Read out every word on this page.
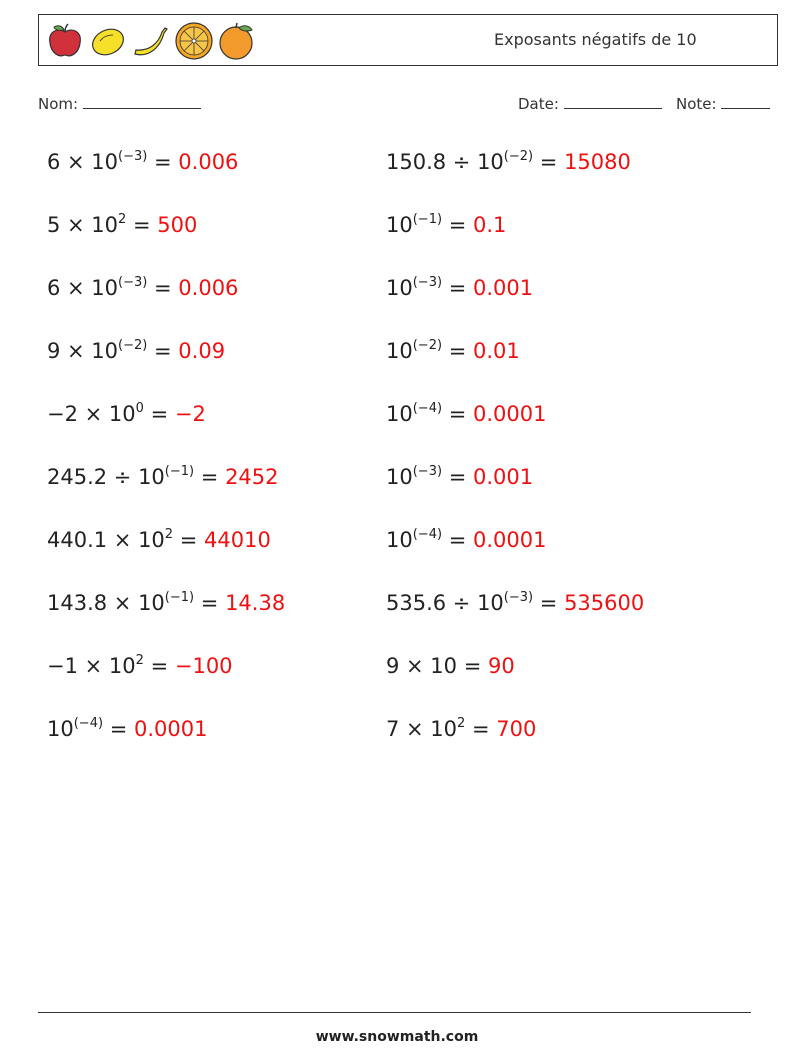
Exposants négatifs de 10
Nom:	Date:	Note:
$6 \times 10^{(-3)} = 0.006$
$5 \times 10^2 = 500$
$6 \times 10^{(-3)} = 0.006$
$9 \times 10^{(-2)} = 0.09$
$-2 \times 10^0 = -2$
$245.2 \div 10^{(-1)} = 2452$
$440.1 \times 10^2 = 44010$
$143.8 \times 10^{(-1)} = 14.38$
$-1 \times 10^2 = -100$
$10^{(-4)} = 0.0001$
$150.8 \div 10^{(-2)} = 15080$
$10^{(-1)} = 0.1$
$10^{(-3)} = 0.001$
$10^{(-2)} = 0.01$
$10^{(-4)} = 0.0001$
$10^{(-3)} = 0.001$
$10^{(-4)} = 0.0001$
$535.6 \div 10^{(-3)} = 535600$
9 × 10 = 90
$7 \times 10^2 = 700$
www.snowmath.com
